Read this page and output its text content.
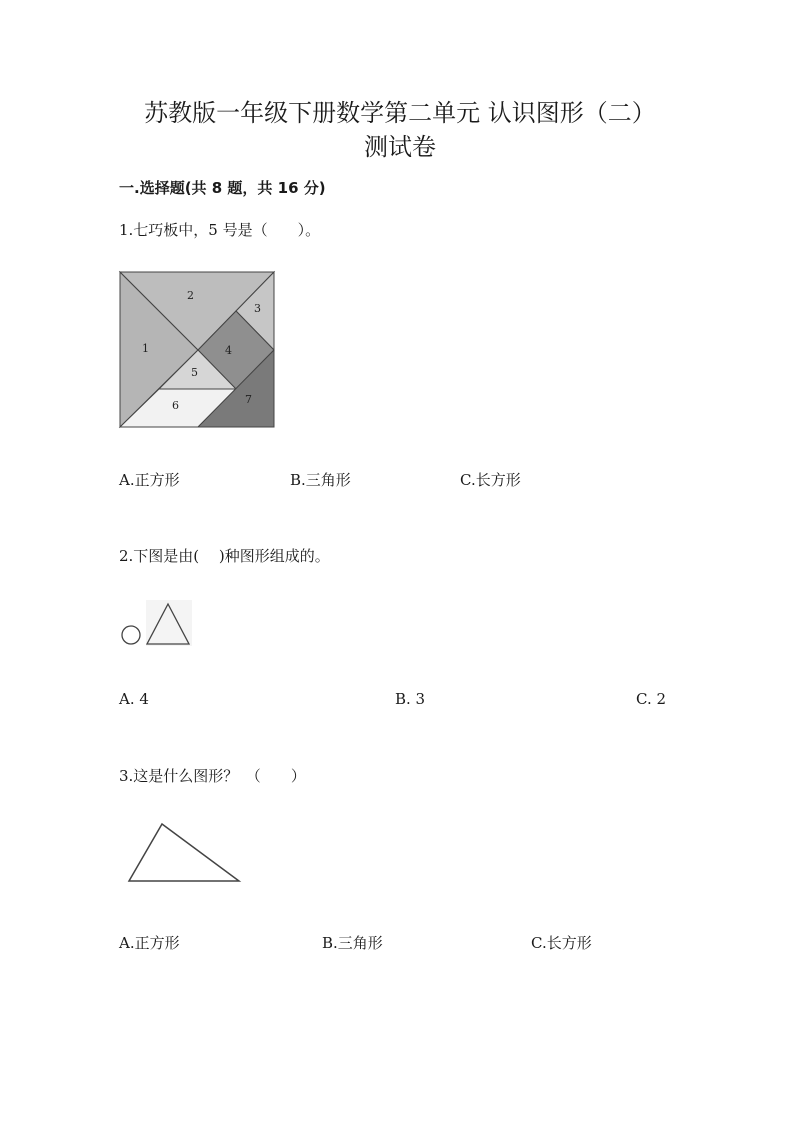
苏教版一年级下册数学第二单元 认识图形（二）
测试卷
一.选择题(共 8 题，共 16 分)
1.七巧板中，5 号是（　　）。
1
2
3
4
5
6	7
A.正方形	B.三角形	C.长方形
2.下图是由(　 )种图形组成的。
A. 4	B. 3	C. 2
3.这是什么图形？　（　　）
A.正方形	B.三角形	C.长方形
